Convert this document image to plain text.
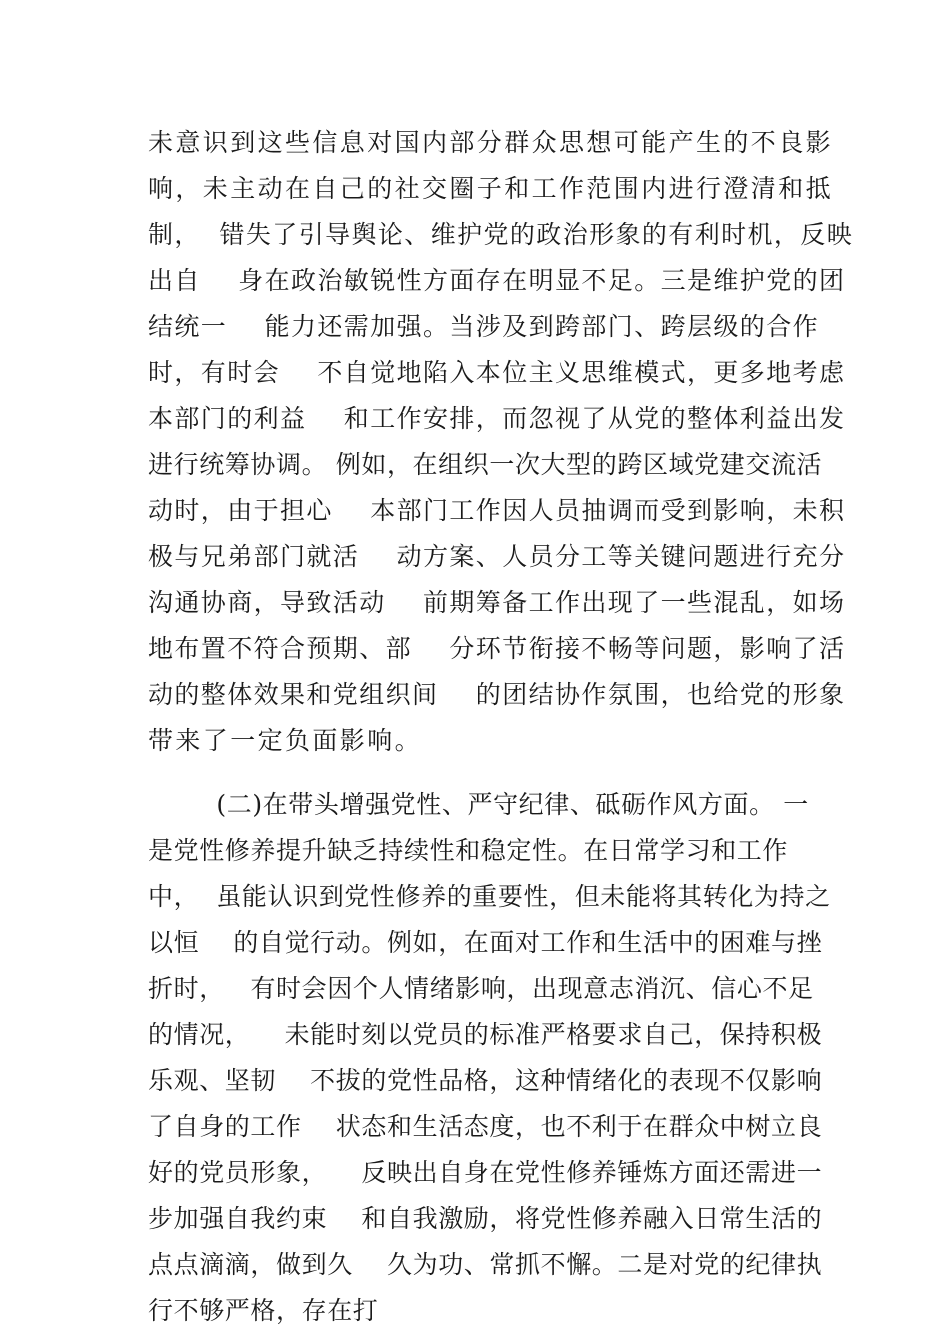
未意识到这些信息对国内部分群众思想可能产生的不良影

响，未主动在自己的社交圈子和工作范围内进行澄清和抵

制，  错失了引导舆论、维护党的政治形象的有利时机，反映

出自    身在政治敏锐性方面存在明显不足。三是维护党的团

结统一    能力还需加强。当涉及到跨部门、跨层级的合作

时，有时会    不自觉地陷入本位主义思维模式，更多地考虑

本部门的利益    和工作安排，而忽视了从党的整体利益出发

进行统筹协调。 例如，在组织一次大型的跨区域党建交流活

动时，由于担心    本部门工作因人员抽调而受到影响，未积

极与兄弟部门就活    动方案、人员分工等关键问题进行充分

沟通协商，导致活动    前期筹备工作出现了一些混乱，如场

地布置不符合预期、部    分环节衔接不畅等问题，影响了活

动的整体效果和党组织间    的团结协作氛围，也给党的形象

带来了一定负面影响。

(二)在带头增强党性、严守纪律、砥砺作风方面。 一

是党性修养提升缺乏持续性和稳定性。在日常学习和工作

中，  虽能认识到党性修养的重要性，但未能将其转化为持之

以恒    的自觉行动。例如，在面对工作和生活中的困难与挫

折时，   有时会因个人情绪影响，出现意志消沉、信心不足

的情况，    未能时刻以党员的标准严格要求自己，保持积极

乐观、坚韧    不拔的党性品格，这种情绪化的表现不仅影响

了自身的工作    状态和生活态度，也不利于在群众中树立良

好的党员形象，    反映出自身在党性修养锤炼方面还需进一

步加强自我约束    和自我激励，将党性修养融入日常生活的

点点滴滴，做到久    久为功、常抓不懈。二是对党的纪律执

行不够严格，存在打
